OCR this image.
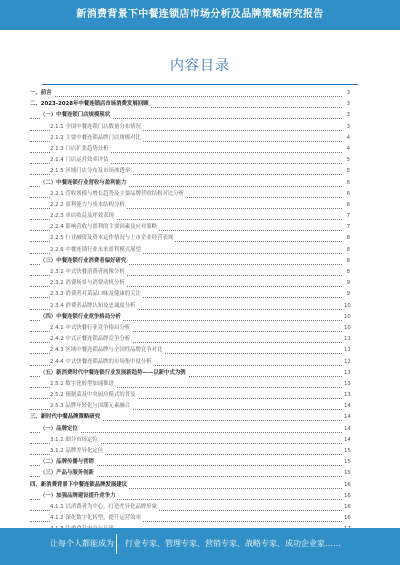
新消费背景下中餐连锁店市场分析及品牌策略研究报告
内容目录
一、前言	3
二、2023-2028年中餐连锁店市场消费发展回顾	3
（一）中餐连锁门店规模现状	3
2.1.1 全国中餐连锁门店数量分布情况	3
2.1.2 主要中餐连锁品牌门店规模对比	4
2.1.3 门店扩张趋势分析	4
2.1.4 门店运营效率评估	5
2.1.5 区域门店分布及市场渗透率	5
（二）中餐连锁行业营收与盈利能力	6
2.2.1 营收规模与增长趋势及主要品牌营收结构对比分析	6
2.2.2 盈利能力与成本结构分析	6
2.2.3 单店收益及坪效表现	7
2.2.4 影响营收与盈利的主要因素及应对策略	7
2.2.5 行业融资及资本运作情况与上市企业经营表现	8
2.2.6 中餐连锁行业未来盈利模式展望	8
（三）中餐连锁行业消费者偏好研究	8
2.3.1 中式快餐消费者画像分析	8
2.3.2 消费场景与消费动机分析	9
2.3.3 消费者对菜品口味及健康的关注	9
2.3.4 消费者品牌认知及忠诚度分析	10
（四）中餐连锁行业竞争格局分析	10
2.4.1 中式快餐行业竞争格局分析	10
2.4.2 中式正餐连锁品牌竞争分析	11
2.4.3 区域中餐连锁品牌与全国性品牌竞争对比	11
2.4.4 中式快餐连锁品牌的市场集中度分析	12
（五）新消费时代中餐连锁行业发展新趋势——以新中式为例	13
2.5.1 数字化转型加速推进	13
2.5.2 预制菜及中央厨房模式的普及	13
2.5.3 品牌年轻化与国潮元素融合	14
三、新时代中餐品牌策略研究	14
（一）品牌定位	14
3.1.1 细分市场定位	14
3.1.2 品牌差异化定位	15
（二）品牌传播与营销	15
（三）产品与服务创新	15
四、新消费背景下中餐连锁品牌发展建议	16
（一）加强品牌建设提升竞争力	16
4.1.1 以消费者为中心，打造差异化品牌形象	16
4.1.2 深化数字化转型，提升运营效率	16
让每个人都能成为 行业专家、管理专家、营销专家、战略专家、成功企业家……
